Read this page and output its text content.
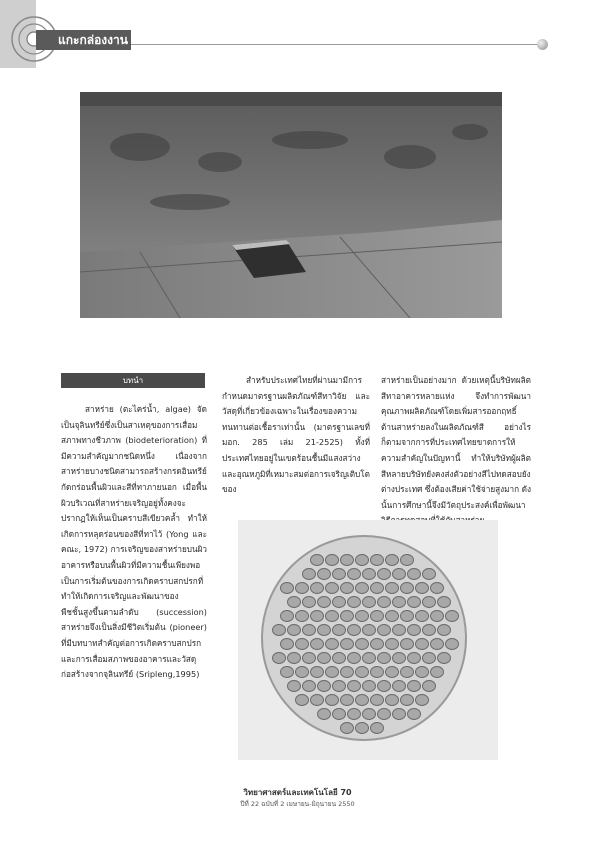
แกะกล่องงานวิจัย
บทนำ

สาหร่าย (ตะไคร่น้ำ, algae) จัดเป็นจุลินทรีย์ซึ่งเป็นสาเหตุของการเสื่อมสภาพทางชีวภาพ (biodeterioration) ที่มีความสำคัญมากชนิดหนึ่ง เนื่องจากสาหร่ายบางชนิดสามารถสร้างกรดอินทรีย์กัดกร่อนพื้นผิวและสีที่ทาภายนอก เมื่อพื้นผิวบริเวณที่สาหร่ายเจริญอยู่ทั้งคงจะปรากฏให้เห็นเป็นคราบสีเขียวคล้ำ ทำให้เกิดการหลุดร่อนของสีที่ทาไว้ (Yong และคณะ, 1972) การเจริญของสาหร่ายบนผิวอาคารหรือบนพื้นผิวที่มีความชื้นเพียงพอ เป็นการเริ่มต้นของการเกิดคราบสกปรกที่ทำให้เกิดการเจริญและพัฒนาของพืชชั้นสูงขึ้นตามลำดับ (succession) สาหร่ายจึงเป็นสิ่งมีชีวิตเริ่มต้น (pioneer) ที่มีบทบาทสำคัญต่อการเกิดคราบสกปรกและการเสื่อมสภาพของอาคารและวัสดุก่อสร้างจากจุลินทรีย์ (Sripleng,1995)

สำหรับประเทศไทยที่ผ่านมามีการกำหนดมาตรฐานผลิตภัณฑ์สีทาวิจัย และวัสดุที่เกี่ยวข้องเฉพาะในเรื่องของความทนทานต่อเชื้อราเท่านั้น (มาตรฐานเลขที่ มอก. 285 เล่ม 21-2525) ทั้งที่ประเทศไทยอยู่ในเขตร้อนชื้นมีแสงสว่างและอุณหภูมิที่เหมาะสมต่อการเจริญเติบโตของ

สาหร่ายเป็นอย่างมาก ด้วยเหตุนี้บริษัทผลิตสีทาอาคารหลายแห่ง จึงทำการพัฒนาคุณภาพผลิตภัณฑ์โดยเพิ่มสารออกฤทธิ์ต้านสาหร่ายลงในผลิตภัณฑ์สี อย่างไรก็ตามจากการที่ประเทศไทยขาดการให้ความสำคัญในปัญหานี้ ทำให้บริษัทผู้ผลิตสีหลายบริษัทยังคงส่งตัวอย่างสีไปทดสอบยังต่างประเทศ ซึ่งต้องเสียค่าใช้จ่ายสูงมาก ดังนั้นการศึกษานี้จึงมีวัตถุประสงค์เพื่อพัฒนา

วิทยาศาสตร์และเทคโนโลยี 70
ปีที่ 22 ฉบับที่ 2 เมษายน-มิถุนายน 2550
